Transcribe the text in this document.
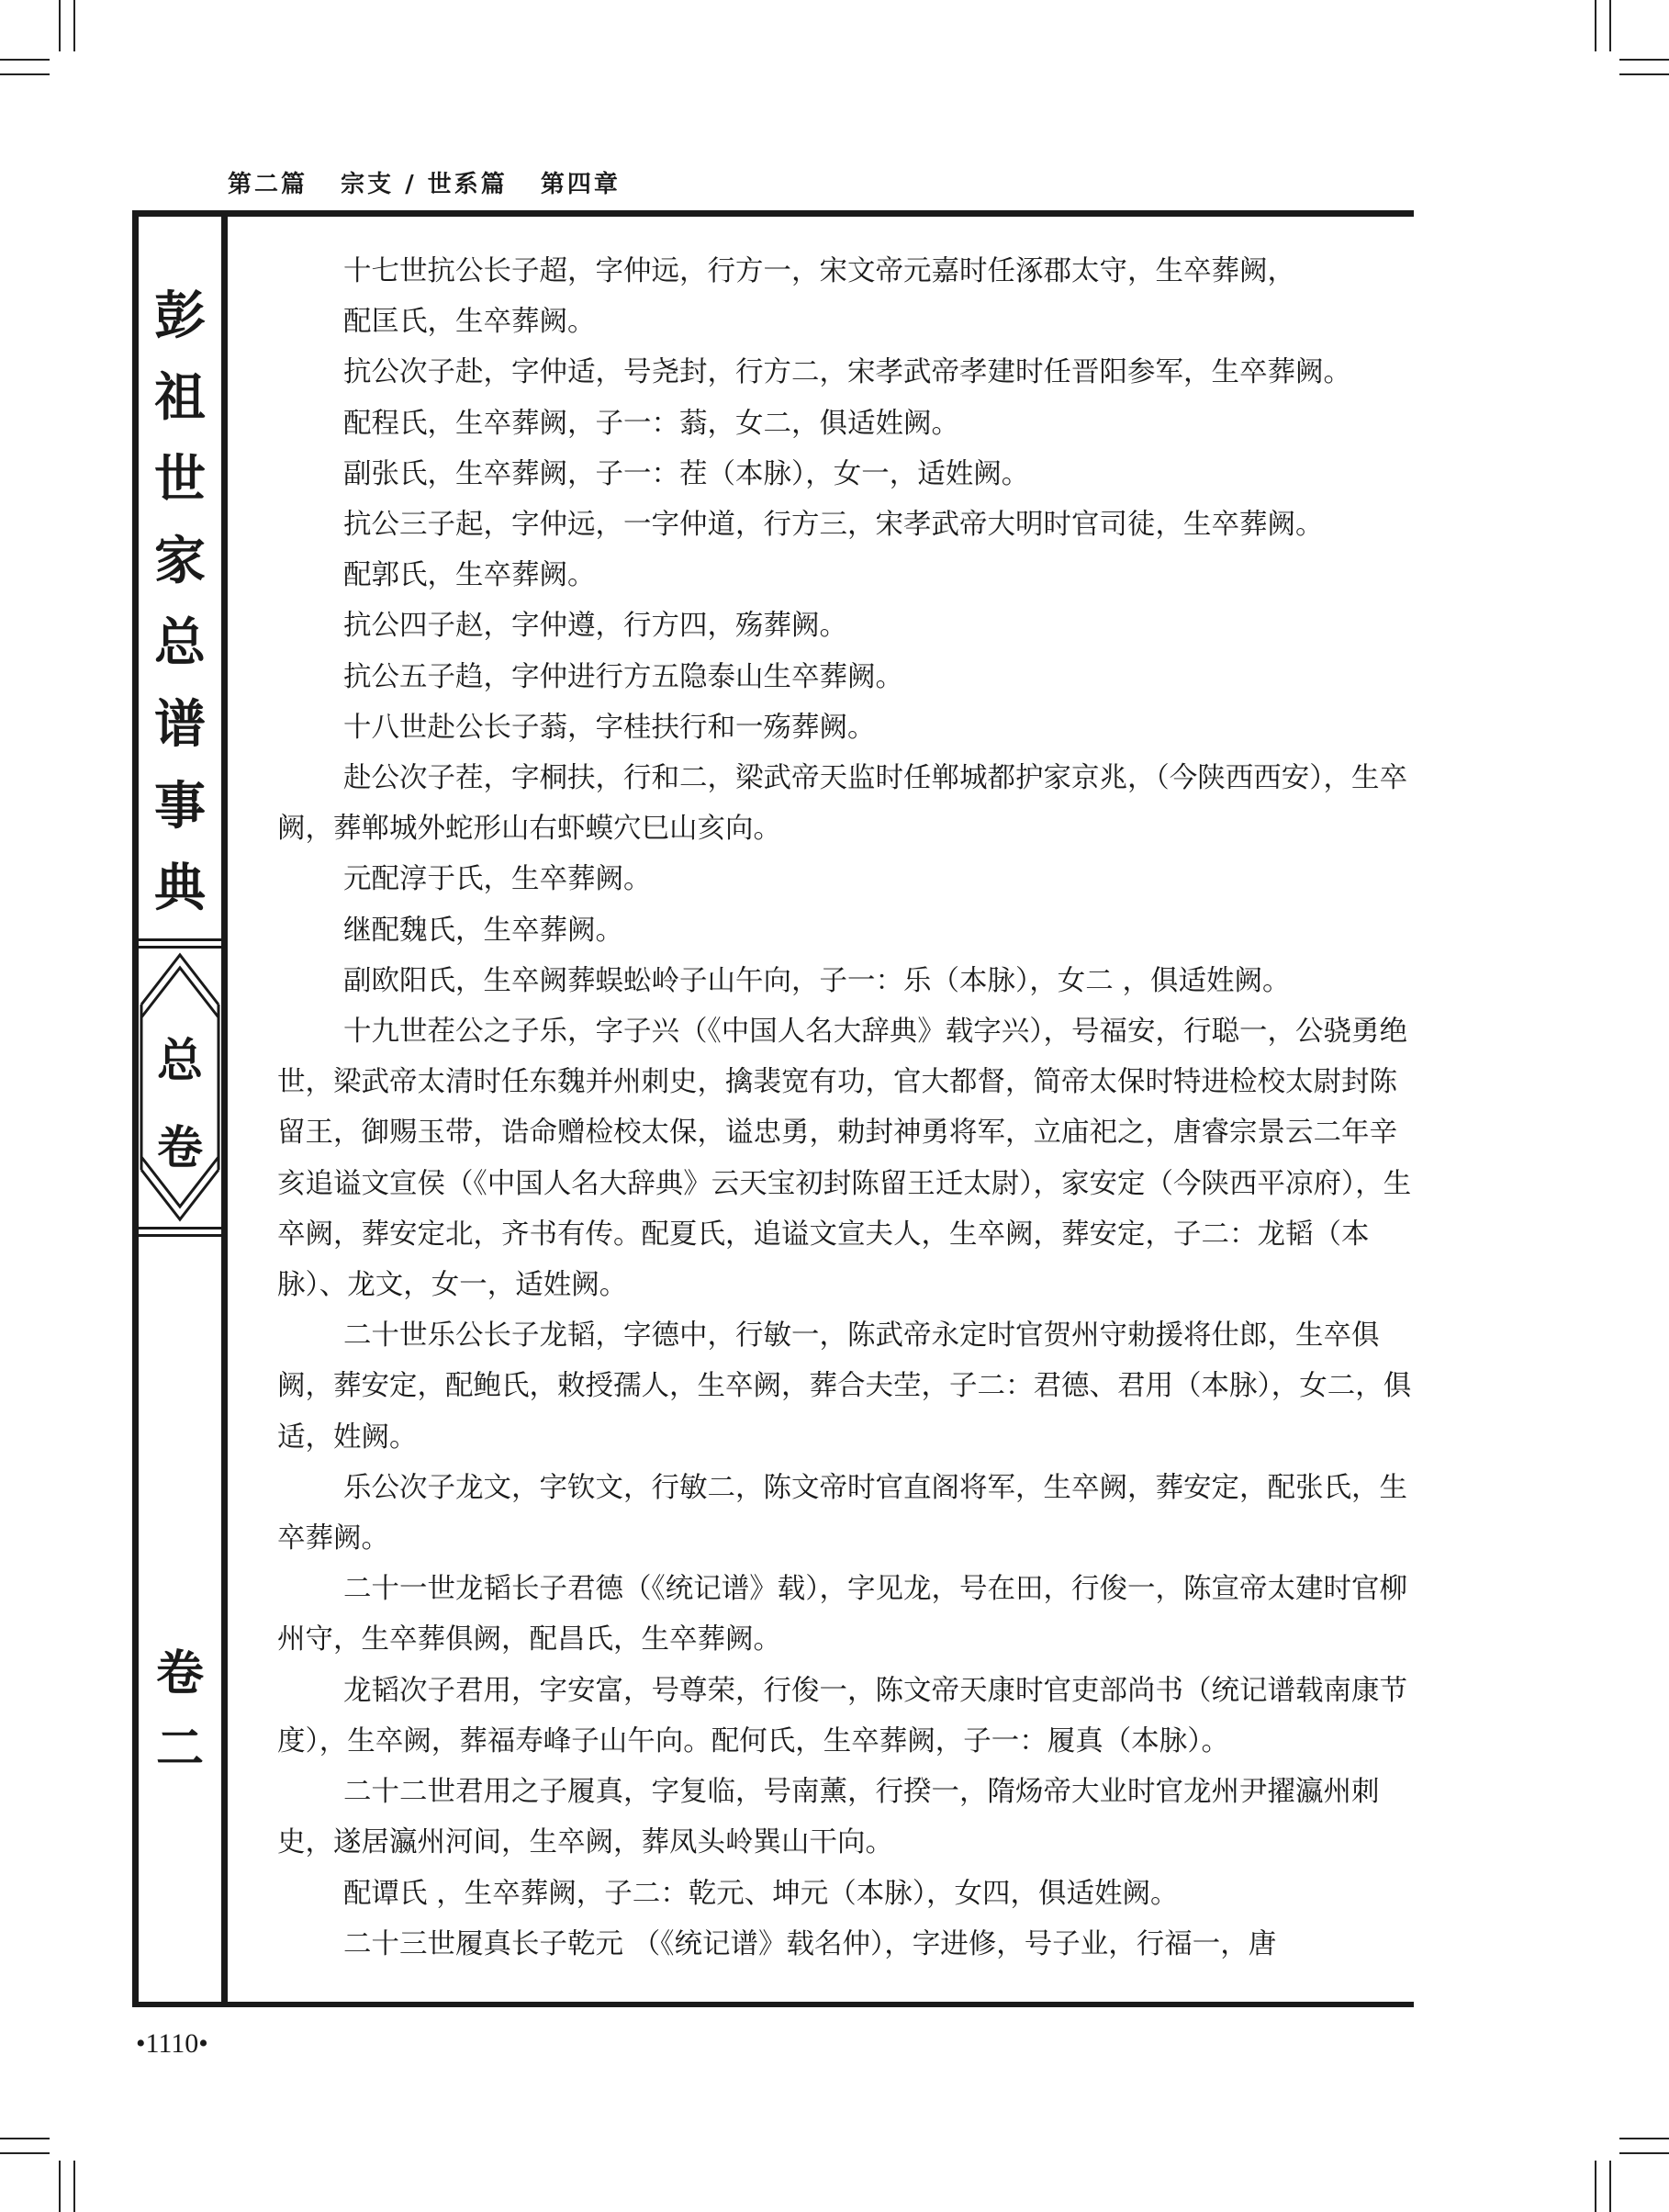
第二篇   宗支 / 世系篇   第四章
彭
祖
世
家
总
谱
事
典
总
卷
卷
二

十七世抗公长子超，字仲远，行方一，宋文帝元嘉时任涿郡太守，生卒葬阙，

配匡氏，生卒葬阙。

抗公次子赴，字仲适，号尧封，行方二，宋孝武帝孝建时任晋阳参军，生卒葬阙。

配程氏，生卒葬阙，子一：蓊，女二，俱适姓阙。

副张氏，生卒葬阙，子一：茬（本脉），女一，适姓阙。

抗公三子起，字仲远，一字仲道，行方三，宋孝武帝大明时官司徒，生卒葬阙。

配郭氏，生卒葬阙。

抗公四子赵，字仲遵，行方四，殇葬阙。

抗公五子趋，字仲进行方五隐泰山生卒葬阙。

十八世赴公长子蓊，字桂扶行和一殇葬阙。

赴公次子茬，字桐扶，行和二，梁武帝天监时任郸城都护家京兆，（今陕西西安），生卒阙，葬郸城外蛇形山右虾蟆穴巳山亥向。

元配淳于氏，生卒葬阙。

继配魏氏，生卒葬阙。

副欧阳氏，生卒阙葬蜈蚣岭子山午向，子一：乐（本脉），女二 ，俱适姓阙。

十九世茬公之子乐，字子兴（《中国人名大辞典》载字兴），号福安，行聪一，公骁勇绝世，梁武帝太清时任东魏并州刺史，擒裴宽有功，官大都督，简帝太保时特进检校太尉封陈留王，御赐玉带，诰命赠检校太保，谥忠勇，勅封神勇将军，立庙祀之，唐睿宗景云二年辛亥追谥文宣侯（《中国人名大辞典》云天宝初封陈留王迁太尉），家安定（今陕西平凉府），生卒阙，葬安定北，齐书有传。配夏氏，追谥文宣夫人，生卒阙，葬安定，子二：龙韬（本脉）、龙文，女一，适姓阙。

二十世乐公长子龙韬，字德中，行敏一，陈武帝永定时官贺州守勅援将仕郎，生卒俱阙，葬安定，配鲍氏，敕授孺人，生卒阙，葬合夫茔，子二：君德、君用（本脉），女二，俱适，姓阙。

乐公次子龙文，字钦文，行敏二，陈文帝时官直阁将军，生卒阙，葬安定，配张氏，生卒葬阙。

二十一世龙韬长子君德（《统记谱》载），字见龙，号在田，行俊一，陈宣帝太建时官柳州守，生卒葬俱阙，配昌氏，生卒葬阙。

龙韬次子君用，字安富，号尊荣，行俊一，陈文帝天康时官吏部尚书（统记谱载南康节度），生卒阙，葬福寿峰子山午向。配何氏，生卒葬阙，子一：履真（本脉）。

二十二世君用之子履真，字复临，号南薰，行揆一，隋炀帝大业时官龙州尹擢瀛州刺史，遂居瀛州河间，生卒阙，葬凤头岭巽山干向。

配谭氏 ，生卒葬阙，子二：乾元、坤元（本脉），女四，俱适姓阙。

二十三世履真长子乾元 （《统记谱》载名仲），字进修，号子业，行福一，唐

•1110•
